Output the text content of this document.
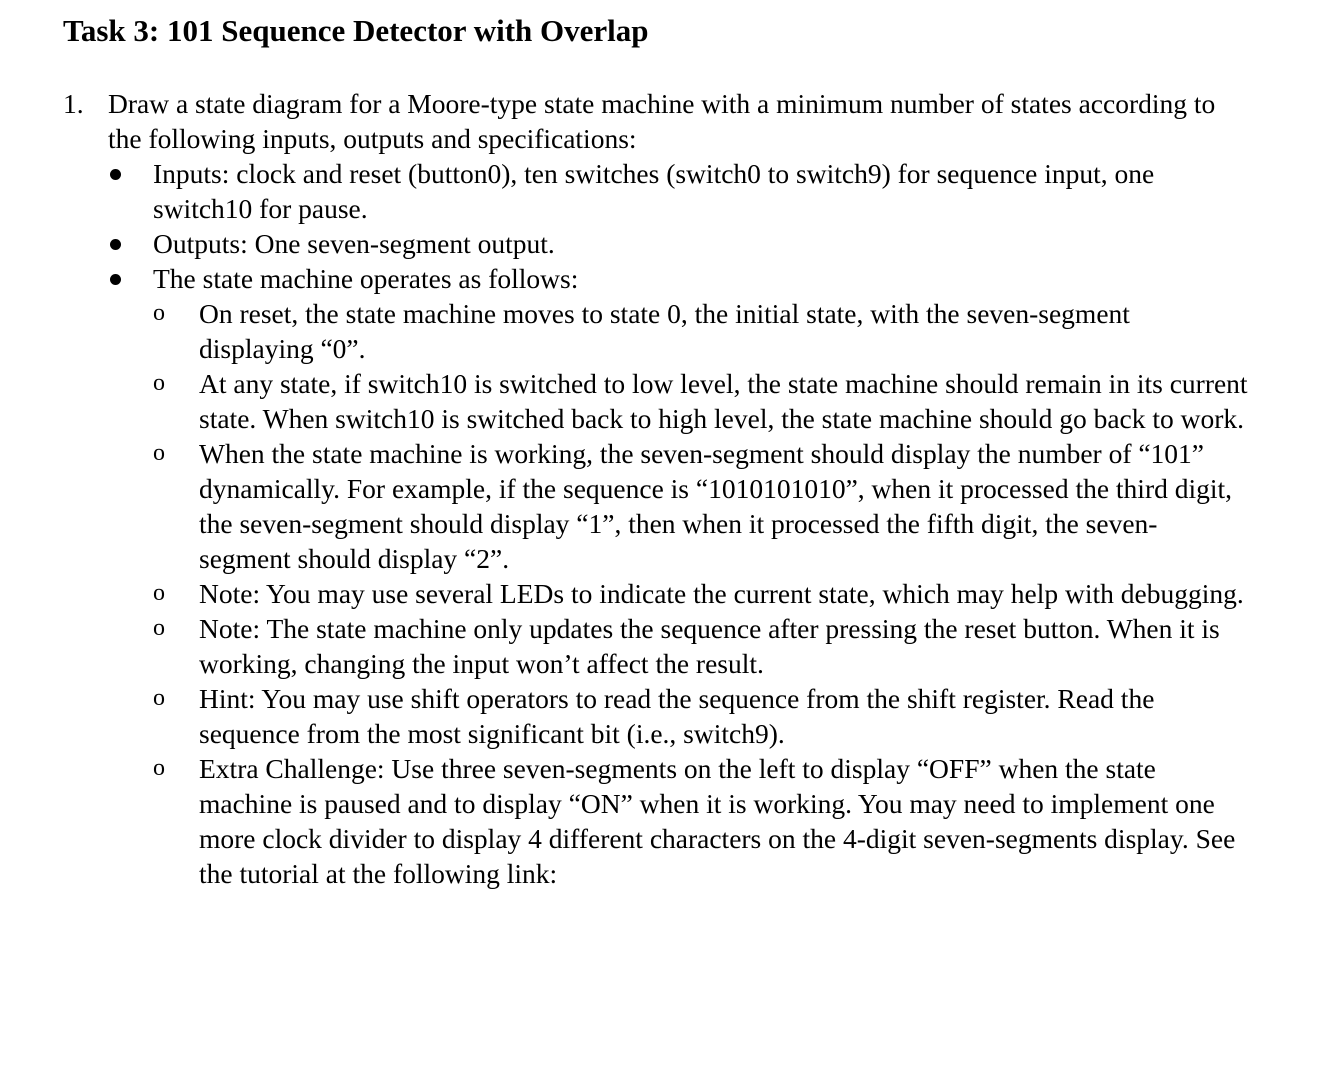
Task 3: 101 Sequence Detector with Overlap
1. Draw a state diagram for a Moore-type state machine with a minimum number of states according to the following inputs, outputs and specifications:
Inputs: clock and reset (button0), ten switches (switch0 to switch9) for sequence input, one switch10 for pause.
Outputs: One seven-segment output.
The state machine operates as follows:
o On reset, the state machine moves to state 0, the initial state, with the seven-segment displaying “0”.
o At any state, if switch10 is switched to low level, the state machine should remain in its current state. When switch10 is switched back to high level, the state machine should go back to work.
o When the state machine is working, the seven-segment should display the number of “101” dynamically. For example, if the sequence is “1010101010”, when it processed the third digit, the seven-segment should display “1”, then when it processed the fifth digit, the seven-segment should display “2”.
o Note: You may use several LEDs to indicate the current state, which may help with debugging.
o Note: The state machine only updates the sequence after pressing the reset button. When it is working, changing the input won’t affect the result.
o Hint: You may use shift operators to read the sequence from the shift register. Read the sequence from the most significant bit (i.e., switch9).
o Extra Challenge: Use three seven-segments on the left to display “OFF” when the state machine is paused and to display “ON” when it is working. You may need to implement one more clock divider to display 4 different characters on the 4-digit seven-segments display. See the tutorial at the following link:
